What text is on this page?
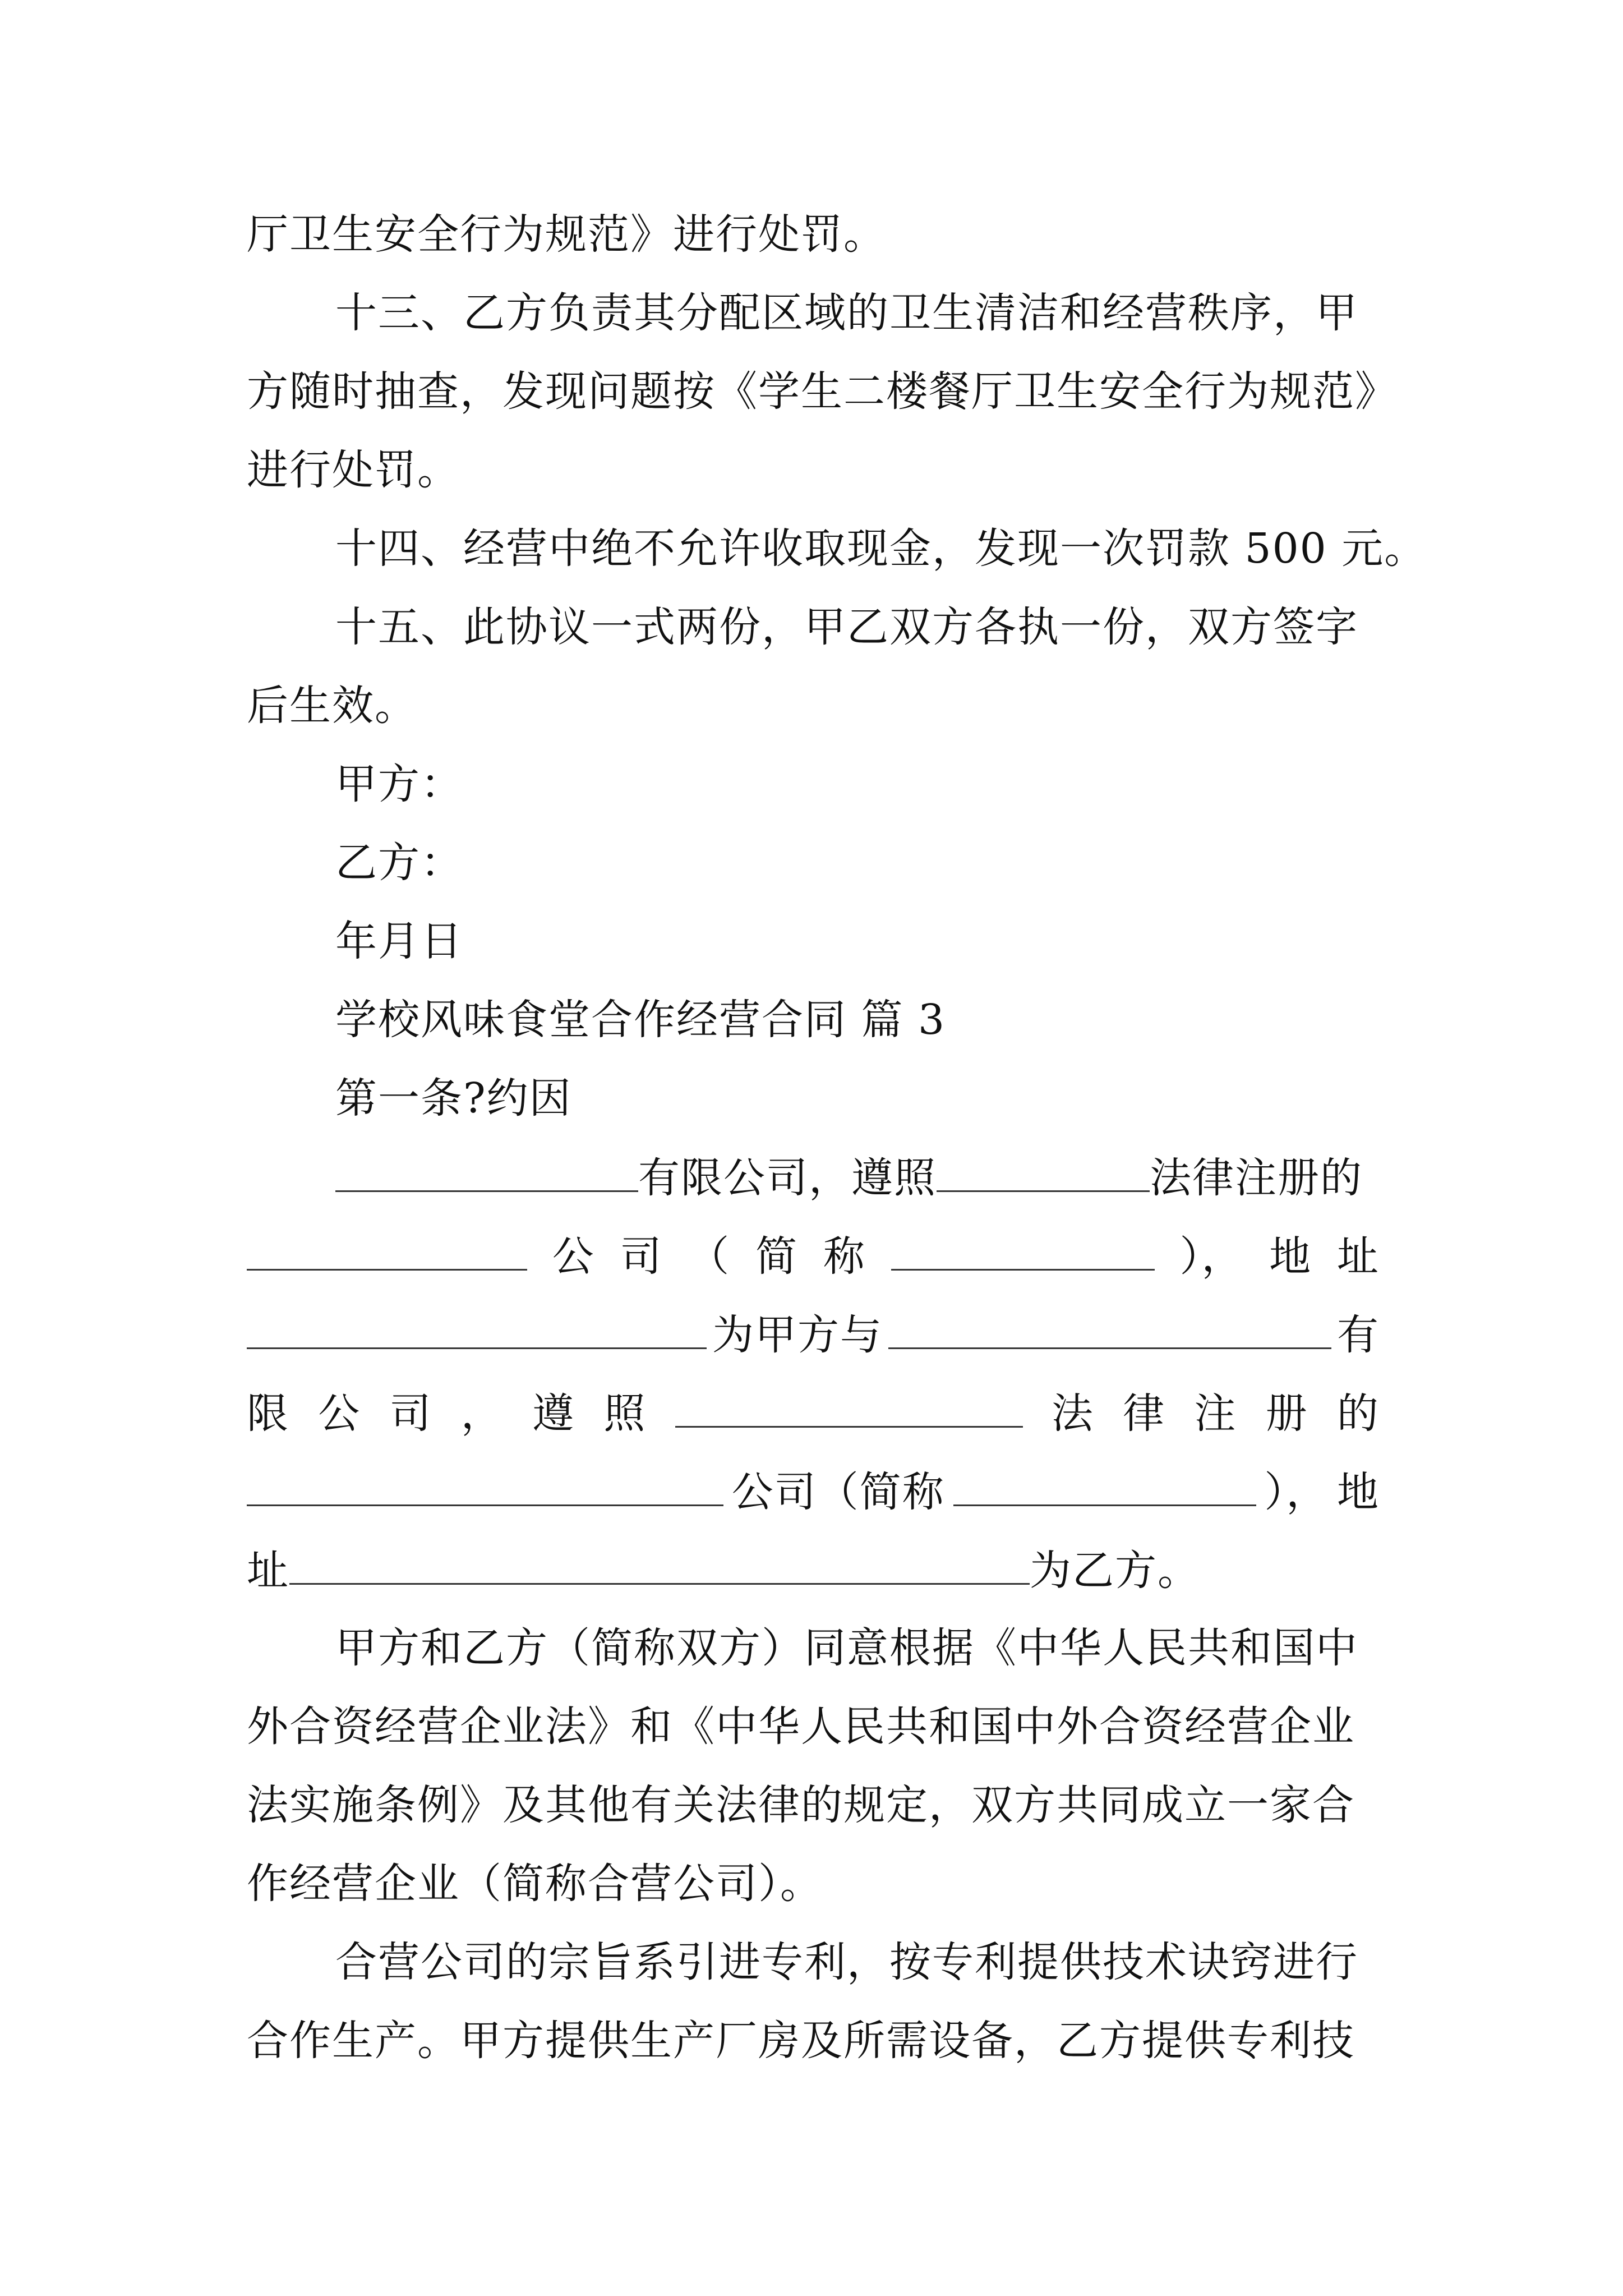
厅卫生安全行为规范》进行处罚。
十三、乙方负责其分配区域的卫生清洁和经营秩序，甲
方随时抽查，发现问题按《学生二楼餐厅卫生安全行为规范》
进行处罚。
十四、经营中绝不允许收取现金，发现一次罚款 500 元。
十五、此协议一式两份，甲乙双方各执一份，双方签字
后生效。
甲方：
乙方：
年月日
学校风味食堂合作经营合同 篇 3
第一条?约因
有限公司，遵照	法律注册的
公 司 （ 简 称	）， 地 址
为甲方与	有
限 公 司 ， 遵 照	法 律 注 册 的
公司（简称	）， 地
址	为乙方。
甲方和乙方（简称双方）同意根据《中华人民共和国中
外合资经营企业法》和《中华人民共和国中外合资经营企业
法实施条例》及其他有关法律的规定，双方共同成立一家合
作经营企业（简称合营公司）。
合营公司的宗旨系引进专利，按专利提供技术诀窍进行
合作生产。甲方提供生产厂房及所需设备，乙方提供专利技
